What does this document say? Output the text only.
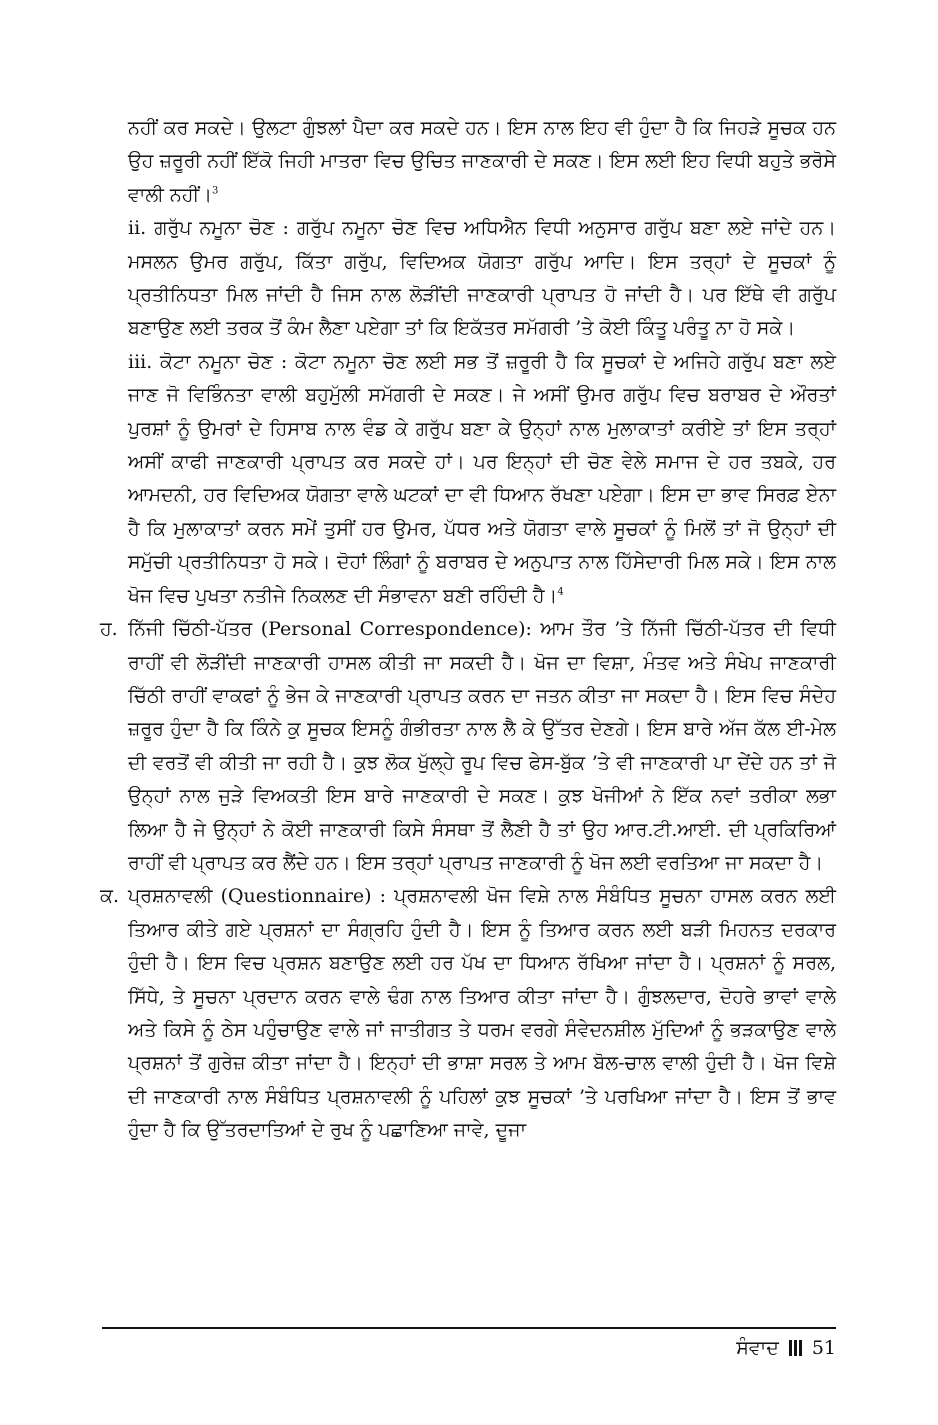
ਨਹੀਂ ਕਰ ਸਕਦੇ। ਉਲਟਾ ਗੁੰਝਲਾਂ ਪੈਦਾ ਕਰ ਸਕਦੇ ਹਨ। ਇਸ ਨਾਲ ਇਹ ਵੀ ਹੁੰਦਾ ਹੈ ਕਿ ਜਿਹੜੇ ਸੂਚਕ ਹਨ ਉਹ ਜ਼ਰੂਰੀ ਨਹੀਂ ਇੱਕੋ ਜਿਹੀ ਮਾਤਰਾ ਵਿਚ ਉਚਿਤ ਜਾਣਕਾਰੀ ਦੇ ਸਕਣ। ਇਸ ਲਈ ਇਹ ਵਿਧੀ ਬਹੁਤੇ ਭਰੋਸੇ ਵਾਲੀ ਨਹੀਂ।$^3$

ii. ਗਰੁੱਪ ਨਮੂਨਾ ਚੋਣ : ਗਰੁੱਪ ਨਮੂਨਾ ਚੋਣ ਵਿਚ ਅਧਿਐਨ ਵਿਧੀ ਅਨੁਸਾਰ ਗਰੁੱਪ ਬਣਾ ਲਏ ਜਾਂਦੇ ਹਨ। ਮਸਲਨ ਉਮਰ ਗਰੁੱਪ, ਕਿੱਤਾ ਗਰੁੱਪ, ਵਿਦਿਅਕ ਯੋਗਤਾ ਗਰੁੱਪ ਆਦਿ। ਇਸ ਤਰ੍ਹਾਂ ਦੇ ਸੂਚਕਾਂ ਨੂੰ ਪ੍ਰਤੀਨਿਧਤਾ ਮਿਲ ਜਾਂਦੀ ਹੈ ਜਿਸ ਨਾਲ ਲੋੜੀਂਦੀ ਜਾਣਕਾਰੀ ਪ੍ਰਾਪਤ ਹੋ ਜਾਂਦੀ ਹੈ। ਪਰ ਇੱਥੇ ਵੀ ਗਰੁੱਪ ਬਣਾਉਣ ਲਈ ਤਰਕ ਤੋਂ ਕੰਮ ਲੈਣਾ ਪਏਗਾ ਤਾਂ ਕਿ ਇਕੱਤਰ ਸਮੱਗਰੀ ’ਤੇ ਕੋਈ ਕਿੰਤੂ ਪਰੰਤੂ ਨਾ ਹੋ ਸਕੇ।

iii. ਕੋਟਾ ਨਮੂਨਾ ਚੋਣ : ਕੋਟਾ ਨਮੂਨਾ ਚੋਣ ਲਈ ਸਭ ਤੋਂ ਜ਼ਰੂਰੀ ਹੈ ਕਿ ਸੂਚਕਾਂ ਦੇ ਅਜਿਹੇ ਗਰੁੱਪ ਬਣਾ ਲਏ ਜਾਣ ਜੋ ਵਿਭਿੰਨਤਾ ਵਾਲੀ ਬਹੁਮੁੱਲੀ ਸਮੱਗਰੀ ਦੇ ਸਕਣ। ਜੇ ਅਸੀਂ ਉਮਰ ਗਰੁੱਪ ਵਿਚ ਬਰਾਬਰ ਦੇ ਔਰਤਾਂ ਪੁਰਸ਼ਾਂ ਨੂੰ ਉਮਰਾਂ ਦੇ ਹਿਸਾਬ ਨਾਲ ਵੰਡ ਕੇ ਗਰੁੱਪ ਬਣਾ ਕੇ ਉਨ੍ਹਾਂ ਨਾਲ ਮੁਲਾਕਾਤਾਂ ਕਰੀਏ ਤਾਂ ਇਸ ਤਰ੍ਹਾਂ ਅਸੀਂ ਕਾਫੀ ਜਾਣਕਾਰੀ ਪ੍ਰਾਪਤ ਕਰ ਸਕਦੇ ਹਾਂ। ਪਰ ਇਨ੍ਹਾਂ ਦੀ ਚੋਣ ਵੇਲੇ ਸਮਾਜ ਦੇ ਹਰ ਤਬਕੇ, ਹਰ ਆਮਦਨੀ, ਹਰ ਵਿਦਿਅਕ ਯੋਗਤਾ ਵਾਲੇ ਘਟਕਾਂ ਦਾ ਵੀ ਧਿਆਨ ਰੱਖਣਾ ਪਏਗਾ। ਇਸ ਦਾ ਭਾਵ ਸਿਰਫ਼ ਏਨਾ ਹੈ ਕਿ ਮੁਲਾਕਾਤਾਂ ਕਰਨ ਸਮੇਂ ਤੁਸੀਂ ਹਰ ਉਮਰ, ਪੱਧਰ ਅਤੇ ਯੋਗਤਾ ਵਾਲੇ ਸੂਚਕਾਂ ਨੂੰ ਮਿਲੋਂ ਤਾਂ ਜੋ ਉਨ੍ਹਾਂ ਦੀ ਸਮੁੱਚੀ ਪ੍ਰਤੀਨਿਧਤਾ ਹੋ ਸਕੇ। ਦੋਹਾਂ ਲਿੰਗਾਂ ਨੂੰ ਬਰਾਬਰ ਦੇ ਅਨੁਪਾਤ ਨਾਲ ਹਿੱਸੇਦਾਰੀ ਮਿਲ ਸਕੇ। ਇਸ ਨਾਲ ਖੋਜ ਵਿਚ ਪੁਖਤਾ ਨਤੀਜੇ ਨਿਕਲਣ ਦੀ ਸੰਭਾਵਨਾ ਬਣੀ ਰਹਿੰਦੀ ਹੈ।$^4$

ਹ. ਨਿੱਜੀ ਚਿੱਠੀ-ਪੱਤਰ (Personal Correspondence): ਆਮ ਤੌਰ ’ਤੇ ਨਿੱਜੀ ਚਿੱਠੀ-ਪੱਤਰ ਦੀ ਵਿਧੀ ਰਾਹੀਂ ਵੀ ਲੋੜੀਂਦੀ ਜਾਣਕਾਰੀ ਹਾਸਲ ਕੀਤੀ ਜਾ ਸਕਦੀ ਹੈ। ਖੋਜ ਦਾ ਵਿਸ਼ਾ, ਮੰਤਵ ਅਤੇ ਸੰਖੇਪ ਜਾਣਕਾਰੀ ਚਿੱਠੀ ਰਾਹੀਂ ਵਾਕਫਾਂ ਨੂੰ ਭੇਜ ਕੇ ਜਾਣਕਾਰੀ ਪ੍ਰਾਪਤ ਕਰਨ ਦਾ ਜਤਨ ਕੀਤਾ ਜਾ ਸਕਦਾ ਹੈ। ਇਸ ਵਿਚ ਸੰਦੇਹ ਜ਼ਰੂਰ ਹੁੰਦਾ ਹੈ ਕਿ ਕਿੰਨੇ ਕੁ ਸੂਚਕ ਇਸਨੂੰ ਗੰਭੀਰਤਾ ਨਾਲ ਲੈ ਕੇ ਉੱਤਰ ਦੇਣਗੇ। ਇਸ ਬਾਰੇ ਅੱਜ ਕੱਲ ਈ-ਮੇਲ ਦੀ ਵਰਤੋਂ ਵੀ ਕੀਤੀ ਜਾ ਰਹੀ ਹੈ। ਕੁਝ ਲੋਕ ਖੁੱਲ੍ਹੇ ਰੂਪ ਵਿਚ ਫੇਸ-ਬੁੱਕ ’ਤੇ ਵੀ ਜਾਣਕਾਰੀ ਪਾ ਦੇਂਦੇ ਹਨ ਤਾਂ ਜੋ ਉਨ੍ਹਾਂ ਨਾਲ ਜੁੜੇ ਵਿਅਕਤੀ ਇਸ ਬਾਰੇ ਜਾਣਕਾਰੀ ਦੇ ਸਕਣ। ਕੁਝ ਖੋਜੀਆਂ ਨੇ ਇੱਕ ਨਵਾਂ ਤਰੀਕਾ ਲਭਾ ਲਿਆ ਹੈ ਜੇ ਉਨ੍ਹਾਂ ਨੇ ਕੋਈ ਜਾਣਕਾਰੀ ਕਿਸੇ ਸੰਸਥਾ ਤੋਂ ਲੈਣੀ ਹੈ ਤਾਂ ਉਹ ਆਰ.ਟੀ.ਆਈ. ਦੀ ਪ੍ਰਕਿਰਿਆਂ ਰਾਹੀਂ ਵੀ ਪ੍ਰਾਪਤ ਕਰ ਲੈਂਦੇ ਹਨ। ਇਸ ਤਰ੍ਹਾਂ ਪ੍ਰਾਪਤ ਜਾਣਕਾਰੀ ਨੂੰ ਖੋਜ ਲਈ ਵਰਤਿਆ ਜਾ ਸਕਦਾ ਹੈ।

ਕ. ਪ੍ਰਸ਼ਨਾਵਲੀ (Questionnaire) : ਪ੍ਰਸ਼ਨਾਵਲੀ ਖੋਜ ਵਿਸ਼ੇ ਨਾਲ ਸੰਬੰਧਿਤ ਸੂਚਨਾ ਹਾਸਲ ਕਰਨ ਲਈ ਤਿਆਰ ਕੀਤੇ ਗਏ ਪ੍ਰਸ਼ਨਾਂ ਦਾ ਸੰਗ੍ਰਹਿ ਹੁੰਦੀ ਹੈ। ਇਸ ਨੂੰ ਤਿਆਰ ਕਰਨ ਲਈ ਬੜੀ ਮਿਹਨਤ ਦਰਕਾਰ ਹੁੰਦੀ ਹੈ। ਇਸ ਵਿਚ ਪ੍ਰਸ਼ਨ ਬਣਾਉਣ ਲਈ ਹਰ ਪੱਖ ਦਾ ਧਿਆਨ ਰੱਖਿਆ ਜਾਂਦਾ ਹੈ। ਪ੍ਰਸ਼ਨਾਂ ਨੂੰ ਸਰਲ, ਸਿੱਧੇ, ਤੇ ਸੂਚਨਾ ਪ੍ਰਦਾਨ ਕਰਨ ਵਾਲੇ ਢੰਗ ਨਾਲ ਤਿਆਰ ਕੀਤਾ ਜਾਂਦਾ ਹੈ। ਗੁੰਝਲਦਾਰ, ਦੋਹਰੇ ਭਾਵਾਂ ਵਾਲੇ ਅਤੇ ਕਿਸੇ ਨੂੰ ਠੇਸ ਪਹੁੰਚਾਉਣ ਵਾਲੇ ਜਾਂ ਜਾਤੀਗਤ ਤੇ ਧਰਮ ਵਰਗੇ ਸੰਵੇਦਨਸ਼ੀਲ ਮੁੱਦਿਆਂ ਨੂੰ ਭੜਕਾਉਣ ਵਾਲੇ ਪ੍ਰਸ਼ਨਾਂ ਤੋਂ ਗੁਰੇਜ਼ ਕੀਤਾ ਜਾਂਦਾ ਹੈ। ਇਨ੍ਹਾਂ ਦੀ ਭਾਸ਼ਾ ਸਰਲ ਤੇ ਆਮ ਬੋਲ-ਚਾਲ ਵਾਲੀ ਹੁੰਦੀ ਹੈ। ਖੋਜ ਵਿਸ਼ੇ ਦੀ ਜਾਣਕਾਰੀ ਨਾਲ ਸੰਬੰਧਿਤ ਪ੍ਰਸ਼ਨਾਵਲੀ ਨੂੰ ਪਹਿਲਾਂ ਕੁਝ ਸੂਚਕਾਂ ’ਤੇ ਪਰਖਿਆ ਜਾਂਦਾ ਹੈ। ਇਸ ਤੋਂ ਭਾਵ ਹੁੰਦਾ ਹੈ ਕਿ ਉੱਤਰਦਾਤਿਆਂ ਦੇ ਰੁਖ ਨੂੰ ਪਛਾਣਿਆ ਜਾਵੇ, ਦੂਜਾ

ਸੰਵਾਦ 51
